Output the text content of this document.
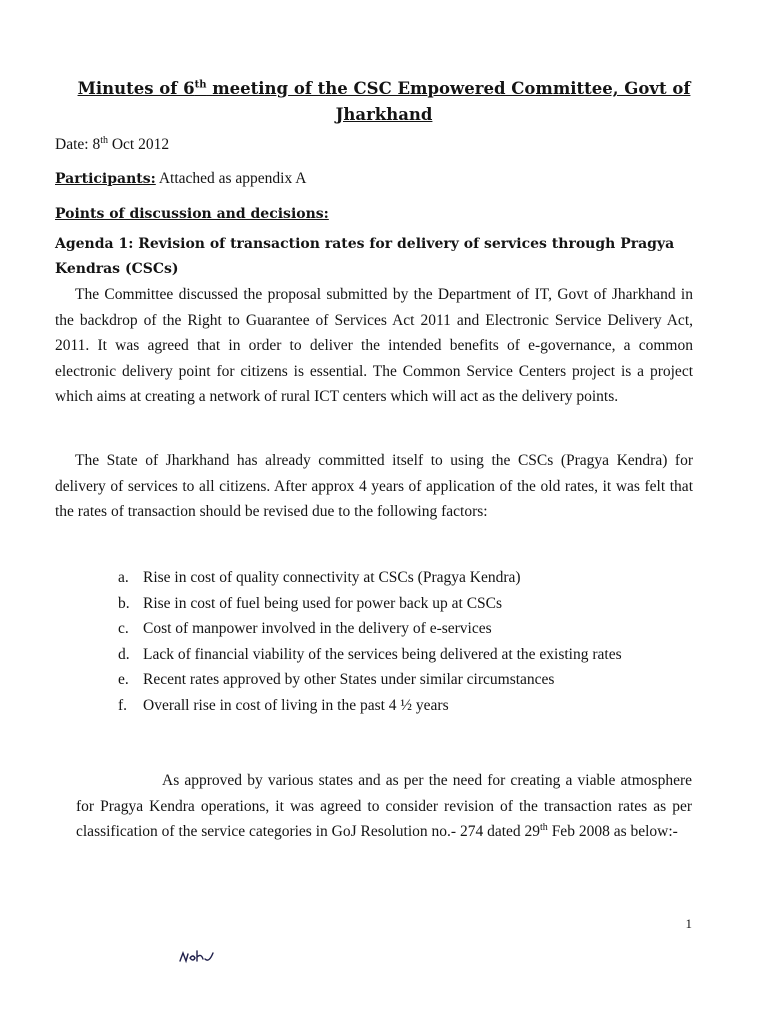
Minutes of 6th meeting of the CSC Empowered Committee, Govt of Jharkhand
Date: 8th Oct 2012
Participants: Attached as appendix A
Points of discussion and decisions:
Agenda 1: Revision of transaction rates for delivery of services through Pragya Kendras (CSCs)
The Committee discussed the proposal submitted by the Department of IT, Govt of Jharkhand in the backdrop of the Right to Guarantee of Services Act 2011 and Electronic Service Delivery Act, 2011. It was agreed that in order to deliver the intended benefits of e-governance, a common electronic delivery point for citizens is essential. The Common Service Centers project is a project which aims at creating a network of rural ICT centers which will act as the delivery points.
The State of Jharkhand has already committed itself to using the CSCs (Pragya Kendra) for delivery of services to all citizens. After approx 4 years of application of the old rates, it was felt that the rates of transaction should be revised due to the following factors:
a. Rise in cost of quality connectivity at CSCs (Pragya Kendra)
b. Rise in cost of fuel being used for power back up at CSCs
c. Cost of manpower involved in the delivery of e-services
d. Lack of financial viability of the services being delivered at the existing rates
e. Recent rates approved by other States under similar circumstances
f. Overall rise in cost of living in the past 4 ½ years
As approved by various states and as per the need for creating a viable atmosphere for Pragya Kendra operations, it was agreed to consider revision of the transaction rates as per classification of the service categories in GoJ Resolution no.- 274 dated 29th Feb 2008 as below:-
1
